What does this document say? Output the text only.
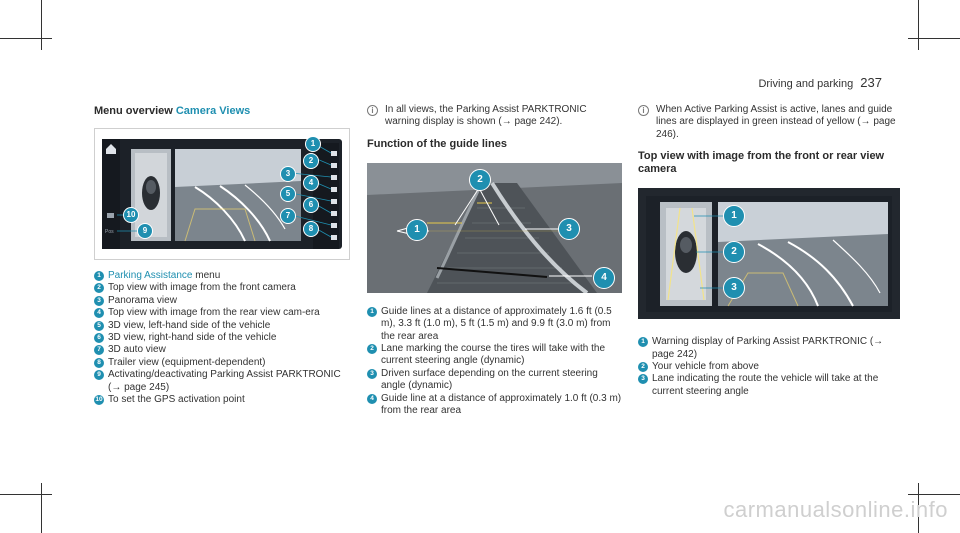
Driving and parking 237
Menu overview Camera Views
Pos
1
2
3
4
5
6
7
8
9
10
1 Parking Assistance menu
2 Top view with image from the front camera
3 Panorama view
4 Top view with image from the rear view cam‑era
5 3D view, left‑hand side of the vehicle
6 3D view, right‑hand side of the vehicle
7 3D auto view
8 Trailer view (equipment‑dependent)
9 Activating/deactivating Parking Assist PARKTRONIC (→ page 245)
10 To set the GPS activation point
i	In all views, the Parking Assist PARKTRONIC warning display is shown (→ page 242).
Function of the guide lines
1
2
3
4
1 Guide lines at a distance of approximately 1.6 ft (0.5 m), 3.3 ft (1.0 m), 5 ft (1.5 m) and 9.9 ft (3.0 m) from the rear area
2 Lane marking the course the tires will take with the current steering angle (dynamic)
3 Driven surface depending on the current steering angle (dynamic)
4 Guide line at a distance of approximately 1.0 ft (0.3 m) from the rear area
i	When Active Parking Assist is active, lanes and guide lines are displayed in green instead of yellow (→ page 246).
Top view with image from the front or rear view camera
1
2
3
1 Warning display of Parking Assist PARKTRONIC (→ page 242)
2 Your vehicle from above
3 Lane indicating the route the vehicle will take at the current steering angle
carmanualsonline.info
